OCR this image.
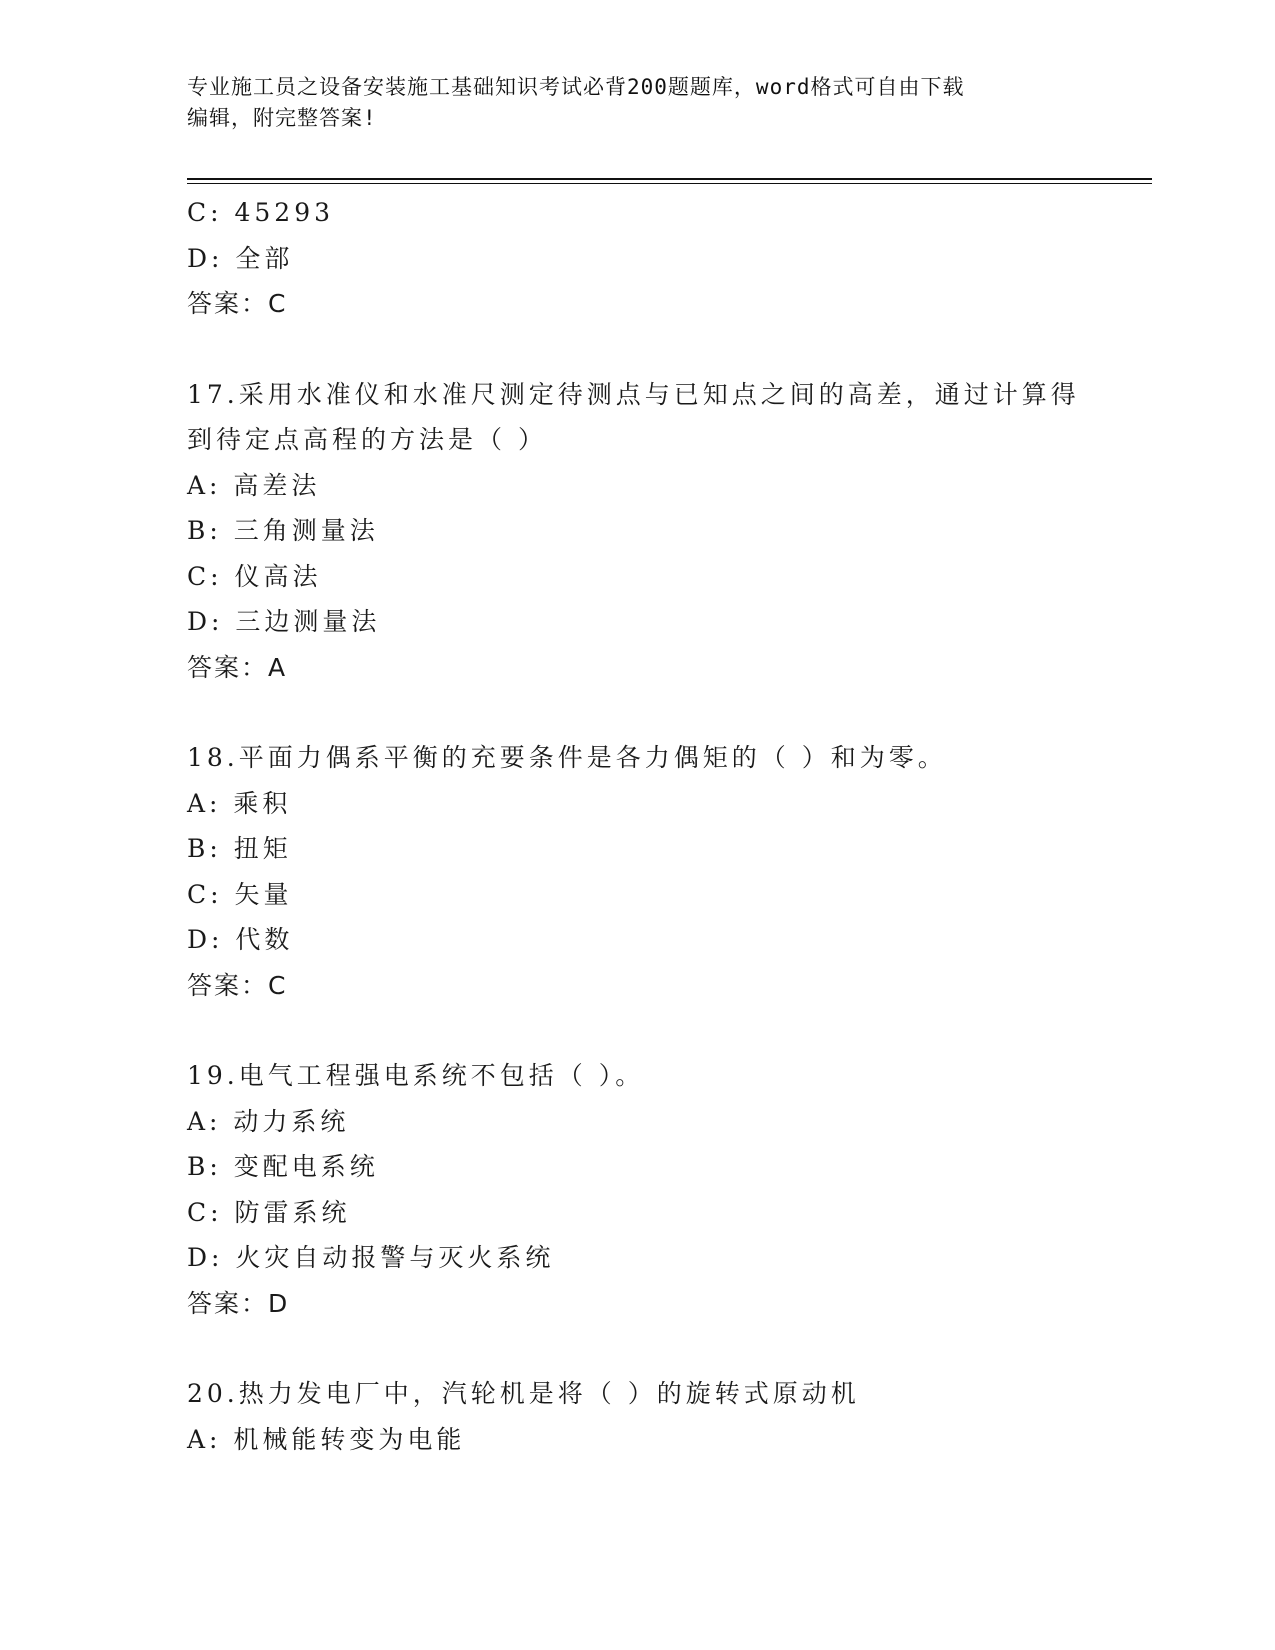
专业施工员之设备安装施工基础知识考试必背200题题库，word格式可自由下载
编辑，附完整答案!
C: 45293
D: 全部
答案：C
17.采用水准仪和水准尺测定待测点与已知点之间的高差，通过计算得
到待定点高程的方法是（ ）
A: 高差法
B: 三角测量法
C: 仪高法
D: 三边测量法
答案：A
18.平面力偶系平衡的充要条件是各力偶矩的（ ）和为零。
A: 乘积
B: 扭矩
C: 矢量
D: 代数
答案：C
19.电气工程强电系统不包括（ ）。
A: 动力系统
B: 变配电系统
C: 防雷系统
D: 火灾自动报警与灭火系统
答案：D
20.热力发电厂中，汽轮机是将（ ）的旋转式原动机
A: 机械能转变为电能
